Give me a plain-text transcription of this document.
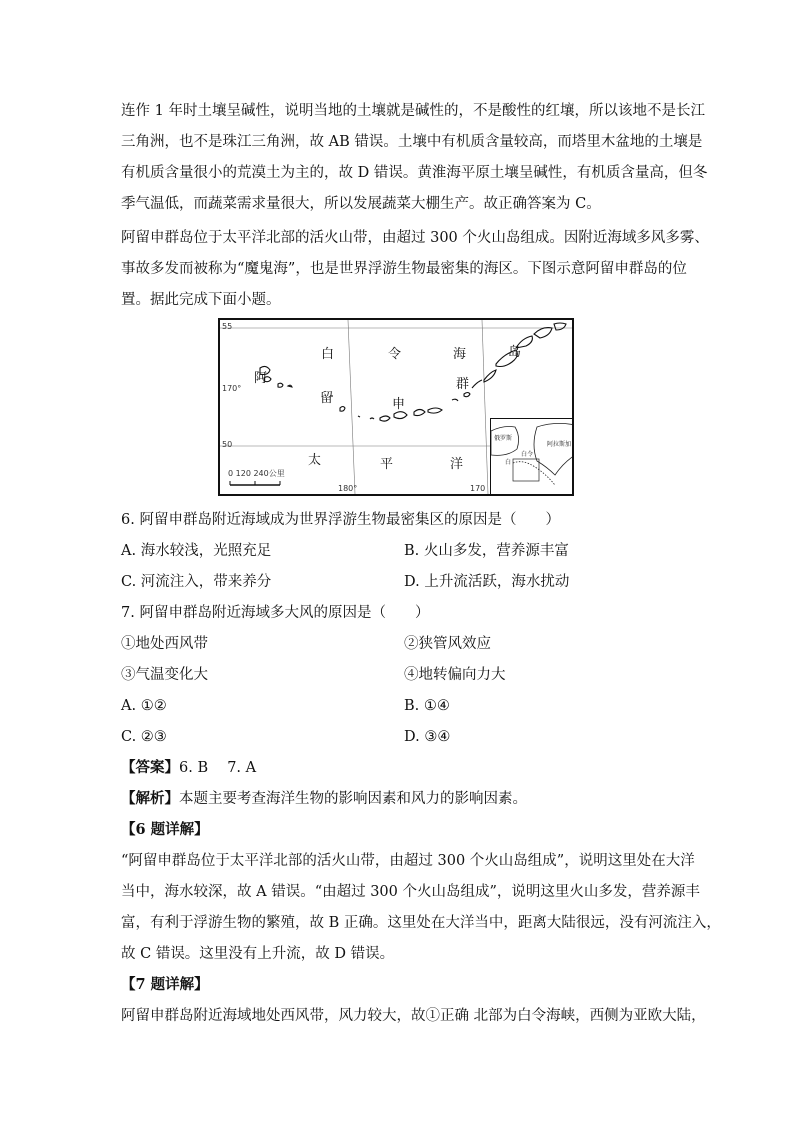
连作 1 年时土壤呈碱性，说明当地的土壤就是碱性的，不是酸性的红壤，所以该地不是长江
三角洲，也不是珠江三角洲，故 AB 错误。土壤中有机质含量较高，而塔里木盆地的土壤是
有机质含量很小的荒漠土为主的，故 D 错误。黄淮海平原土壤呈碱性，有机质含量高，但冬
季气温低，而蔬菜需求量很大，所以发展蔬菜大棚生产。故正确答案为 C。
阿留申群岛位于太平洋北部的活火山带，由超过 300 个火山岛组成。因附近海域多风多雾、
事故多发而被称为“魔鬼海”，也是世界浮游生物最密集的海区。下图示意阿留申群岛的位
置。据此完成下面小题。
55
170°
50
180°	170
0 120 240公里
白	令	海
阿
留	申
群
岛
太	平	洋
俄罗斯
阿拉斯加
白令
白
6. 阿留申群岛附近海域成为世界浮游生物最密集区的原因是（　　）
A. 海水较浅，光照充足	B. 火山多发，营养源丰富
C. 河流注入，带来养分	D. 上升流活跃，海水扰动
7. 阿留申群岛附近海域多大风的原因是（　　）
①地处西风带	②狭管风效应
③气温变化大	④地转偏向力大
A. ①②	B. ①④
C. ②③	D. ③④
【答案】6. B　 7. A
【解析】本题主要考查海洋生物的影响因素和风力的影响因素。
【6 题详解】
“阿留申群岛位于太平洋北部的活火山带，由超过 300 个火山岛组成”，说明这里处在大洋
当中，海水较深，故 A 错误。“由超过 300 个火山岛组成”，说明这里火山多发，营养源丰
富，有利于浮游生物的繁殖，故 B 正确。这里处在大洋当中，距离大陆很远，没有河流注入，
故 C 错误。这里没有上升流，故 D 错误。
【7 题详解】
阿留申群岛附近海域地处西风带，风力较大，故①正确 北部为白令海峡，西侧为亚欧大陆，
